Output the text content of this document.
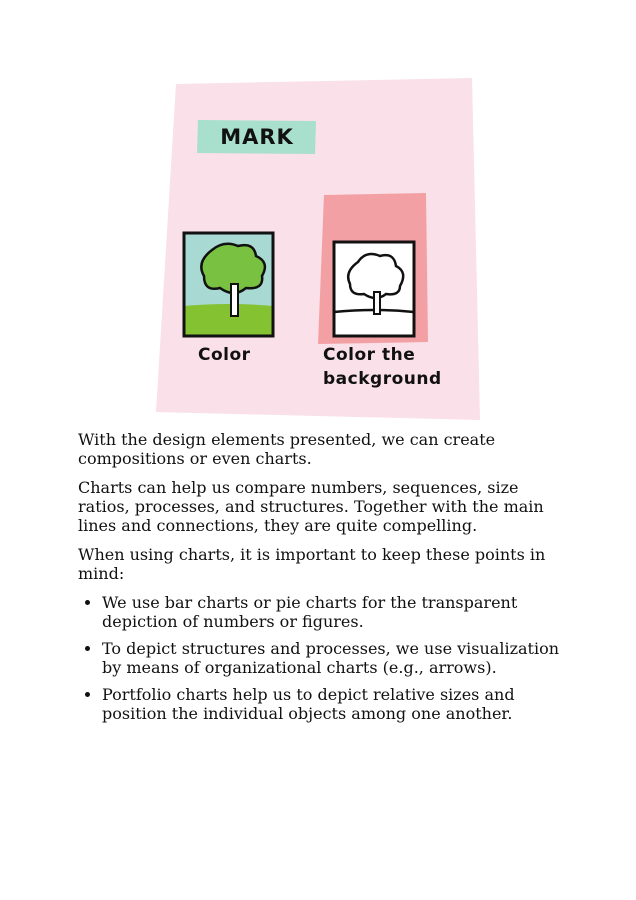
MARK
Color	Color the
background

With the design elements presented, we can create compositions or even charts.

Charts can help us compare numbers, sequences, size ratios, processes, and structures. Together with the main lines and connections, they are quite compelling.

When using charts, it is important to keep these points in mind:

• We use bar charts or pie charts for the transparent depiction of numbers or figures.
• To depict structures and processes, we use visualization by means of organizational charts (e.g., arrows).
• Portfolio charts help us to depict relative sizes and position the individual objects among one another.
